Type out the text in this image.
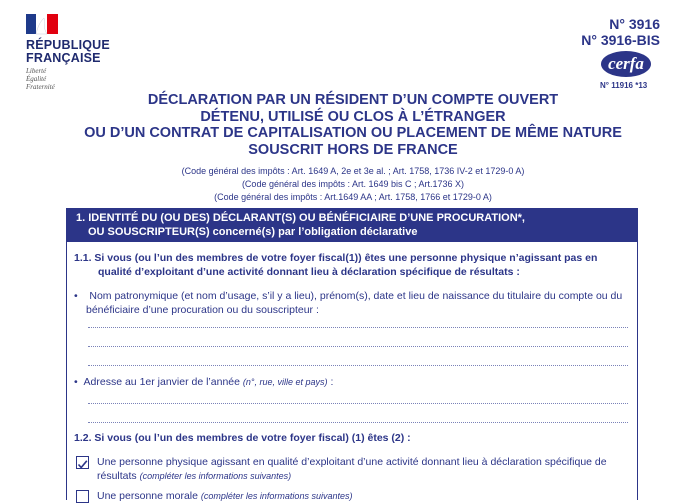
RÉPUBLIQUE
FRANÇAISE
Liberté
Égalité
Fraternité
N° 3916
N° 3916-BIS
cerfa
N° 11916 *13
DÉCLARATION PAR UN RÉSIDENT D’UN COMPTE OUVERT
DÉTENU, UTILISÉ OU CLOS À L’ÉTRANGER
OU D’UN CONTRAT DE CAPITALISATION OU PLACEMENT DE MÊME NATURE
SOUSCRIT HORS DE FRANCE
(Code général des impôts : Art. 1649 A, 2e et 3e al. ; Art. 1758, 1736 IV-2 et 1729-0 A)
(Code général des impôts : Art. 1649 bis C ; Art.1736 X)
(Code général des impôts : Art.1649 AA ; Art. 1758, 1766 et 1729-0 A)
1. IDENTITÉ DU (OU DES) DÉCLARANT(S) OU BÉNÉFICIAIRE D’UNE PROCURATION*,
OU SOUSCRIPTEUR(S) concerné(s) par l’obligation déclarative
1.1. Si vous (ou l’un des membres de votre foyer fiscal(1)) êtes une personne physique n’agissant pas en
qualité d’exploitant d’une activité donnant lieu à déclaration spécifique de résultats :
• Nom patronymique (et nom d’usage, s’il y a lieu), prénom(s), date et lieu de naissance du titulaire du compte ou du
bénéficiaire d’une procuration ou du souscripteur :
• Adresse au 1er janvier de l’année (n°, rue, ville et pays) :
1.2. Si vous (ou l’un des membres de votre foyer fiscal) (1) êtes (2) :
Une personne physique agissant en qualité d’exploitant d’une activité donnant lieu à déclaration spécifique de
résultats (compléter les informations suivantes)
Une personne morale (compléter les informations suivantes)
